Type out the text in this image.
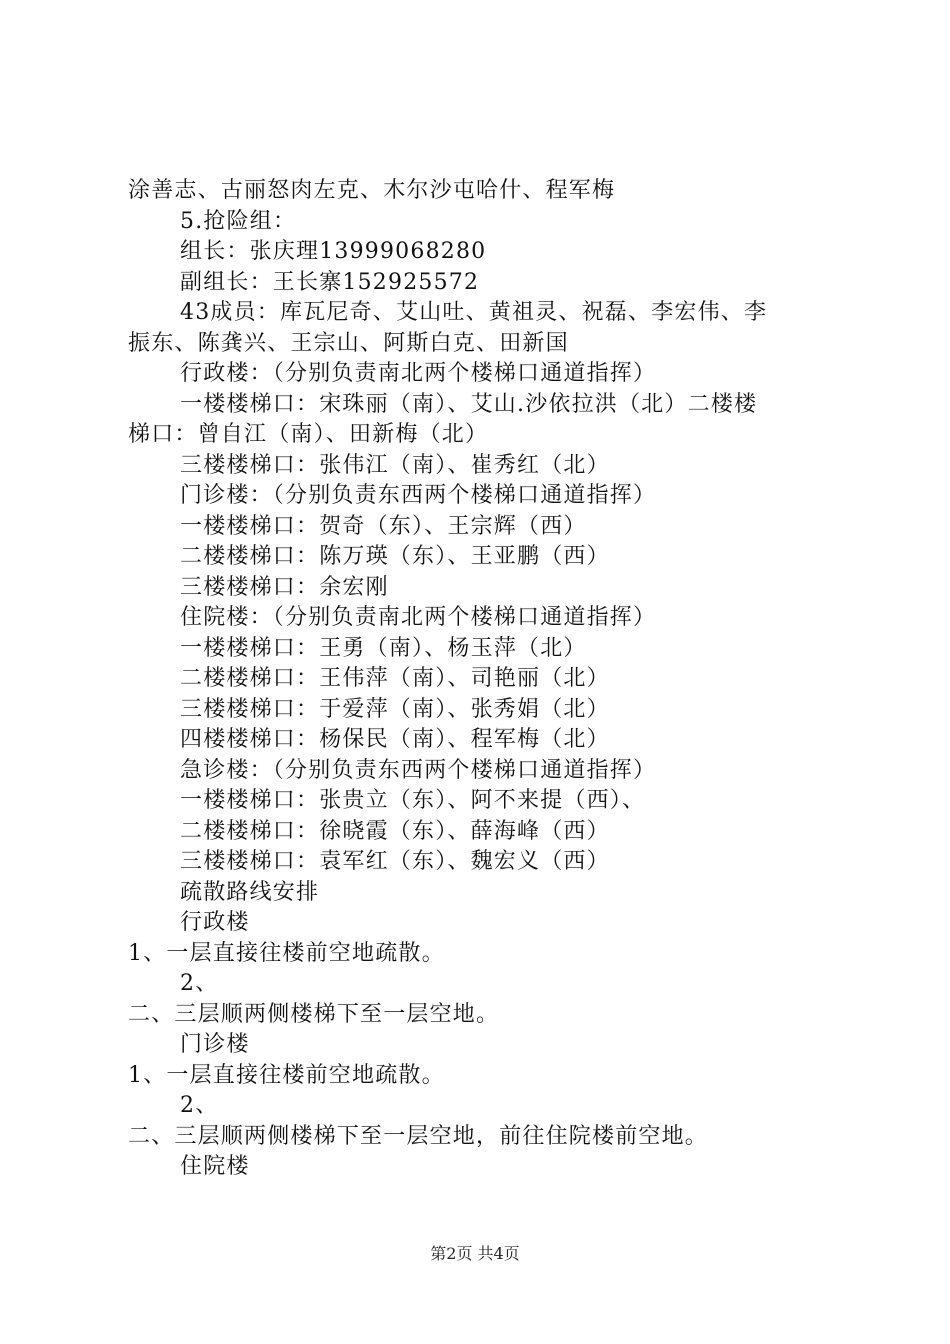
涂善志、古丽怒肉左克、木尔沙屯哈什、程军梅
5.抢险组：
组长：张庆理13999068280
副组长：王长寨152925572
43成员：库瓦尼奇、艾山吐、黄祖灵、祝磊、李宏伟、李
振东、陈龚兴、王宗山、阿斯白克、田新国
行政楼：（分别负责南北两个楼梯口通道指挥）
一楼楼梯口：宋珠丽（南）、艾山.沙依拉洪（北）二楼楼
梯口：曾自江（南）、田新梅（北）
三楼楼梯口：张伟江（南）、崔秀红（北）
门诊楼：（分别负责东西两个楼梯口通道指挥）
一楼楼梯口：贺奇（东）、王宗辉（西）
二楼楼梯口：陈万瑛（东）、王亚鹏（西）
三楼楼梯口：余宏刚
住院楼：（分别负责南北两个楼梯口通道指挥）
一楼楼梯口：王勇（南）、杨玉萍（北）
二楼楼梯口：王伟萍（南）、司艳丽（北）
三楼楼梯口：于爱萍（南）、张秀娟（北）
四楼楼梯口：杨保民（南）、程军梅（北）
急诊楼：（分别负责东西两个楼梯口通道指挥）
一楼楼梯口：张贵立（东）、阿不来提（西）、
二楼楼梯口：徐晓霞（东）、薛海峰（西）
三楼楼梯口：袁军红（东）、魏宏义（西）
疏散路线安排
行政楼
1、一层直接往楼前空地疏散。
2、
二、三层顺两侧楼梯下至一层空地。
门诊楼
1、一层直接往楼前空地疏散。
2、
二、三层顺两侧楼梯下至一层空地，前往住院楼前空地。
住院楼
第2页 共4页
